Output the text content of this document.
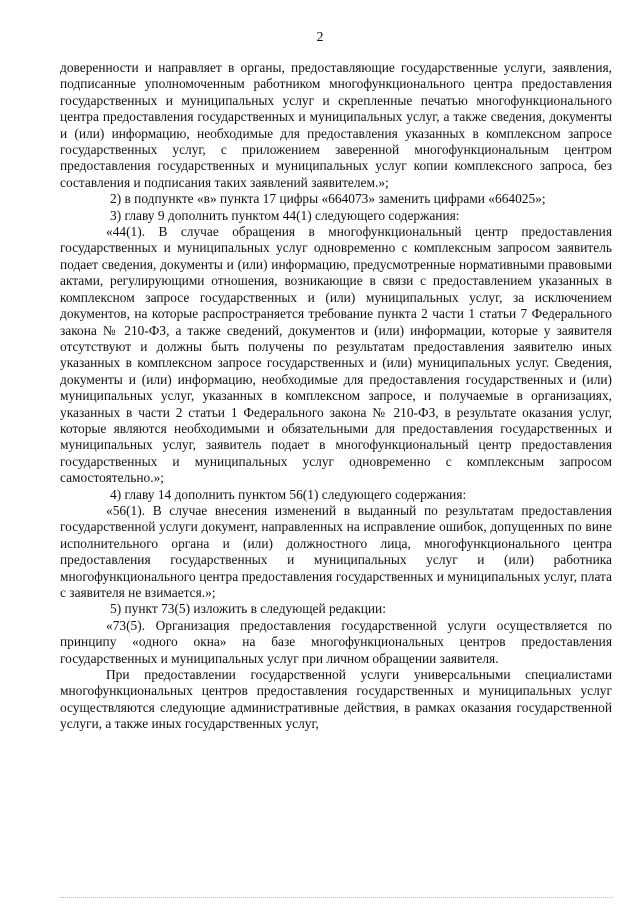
2

доверенности и направляет в органы, предоставляющие государственные услуги, заявления, подписанные уполномоченным работником многофункционального центра предоставления государственных и муниципальных услуг и скрепленные печатью многофункционального центра предоставления государственных и муниципальных услуг, а также сведения, документы и (или) информацию, необходимые для предоставления указанных в комплексном запросе государственных услуг, с приложением заверенной многофункциональным центром предоставления государственных и муниципальных услуг копии комплексного запроса, без составления и подписания таких заявлений заявителем.»;

2) в подпункте «в» пункта 17 цифры «664073» заменить цифрами «664025»;

3) главу 9 дополнить пунктом 44(1) следующего содержания:

«44(1). В случае обращения в многофункциональный центр предоставления государственных и муниципальных услуг одновременно с комплексным запросом заявитель подает сведения, документы и (или) информацию, предусмотренные нормативными правовыми актами, регулирующими отношения, возникающие в связи с предоставлением указанных в комплексном запросе государственных и (или) муниципальных услуг, за исключением документов, на которые распространяется требование пункта 2 части 1 статьи 7 Федерального закона № 210-ФЗ, а также сведений, документов и (или) информации, которые у заявителя отсутствуют и должны быть получены по результатам предоставления заявителю иных указанных в комплексном запросе государственных и (или) муниципальных услуг. Сведения, документы и (или) информацию, необходимые для предоставления государственных и (или) муниципальных услуг, указанных в комплексном запросе, и получаемые в организациях, указанных в части 2 статьи 1 Федерального закона № 210-ФЗ, в результате оказания услуг, которые являются необходимыми и обязательными для предоставления государственных и муниципальных услуг, заявитель подает в многофункциональный центр предоставления государственных и муниципальных услуг одновременно с комплексным запросом самостоятельно.»;

4) главу 14 дополнить пунктом 56(1) следующего содержания:

«56(1). В случае внесения изменений в выданный по результатам предоставления государственной услуги документ, направленных на исправление ошибок, допущенных по вине исполнительного органа и (или) должностного лица, многофункционального центра предоставления государственных и муниципальных услуг и (или) работника многофункционального центра предоставления государственных и муниципальных услуг, плата с заявителя не взимается.»;

5) пункт 73(5) изложить в следующей редакции:

«73(5). Организация предоставления государственной услуги осуществляется по принципу «одного окна» на базе многофункциональных центров предоставления государственных и муниципальных услуг при личном обращении заявителя.

При предоставлении государственной услуги универсальными специалистами многофункциональных центров предоставления государственных и муниципальных услуг осуществляются следующие административные действия, в рамках оказания государственной услуги, а также иных государственных услуг,
